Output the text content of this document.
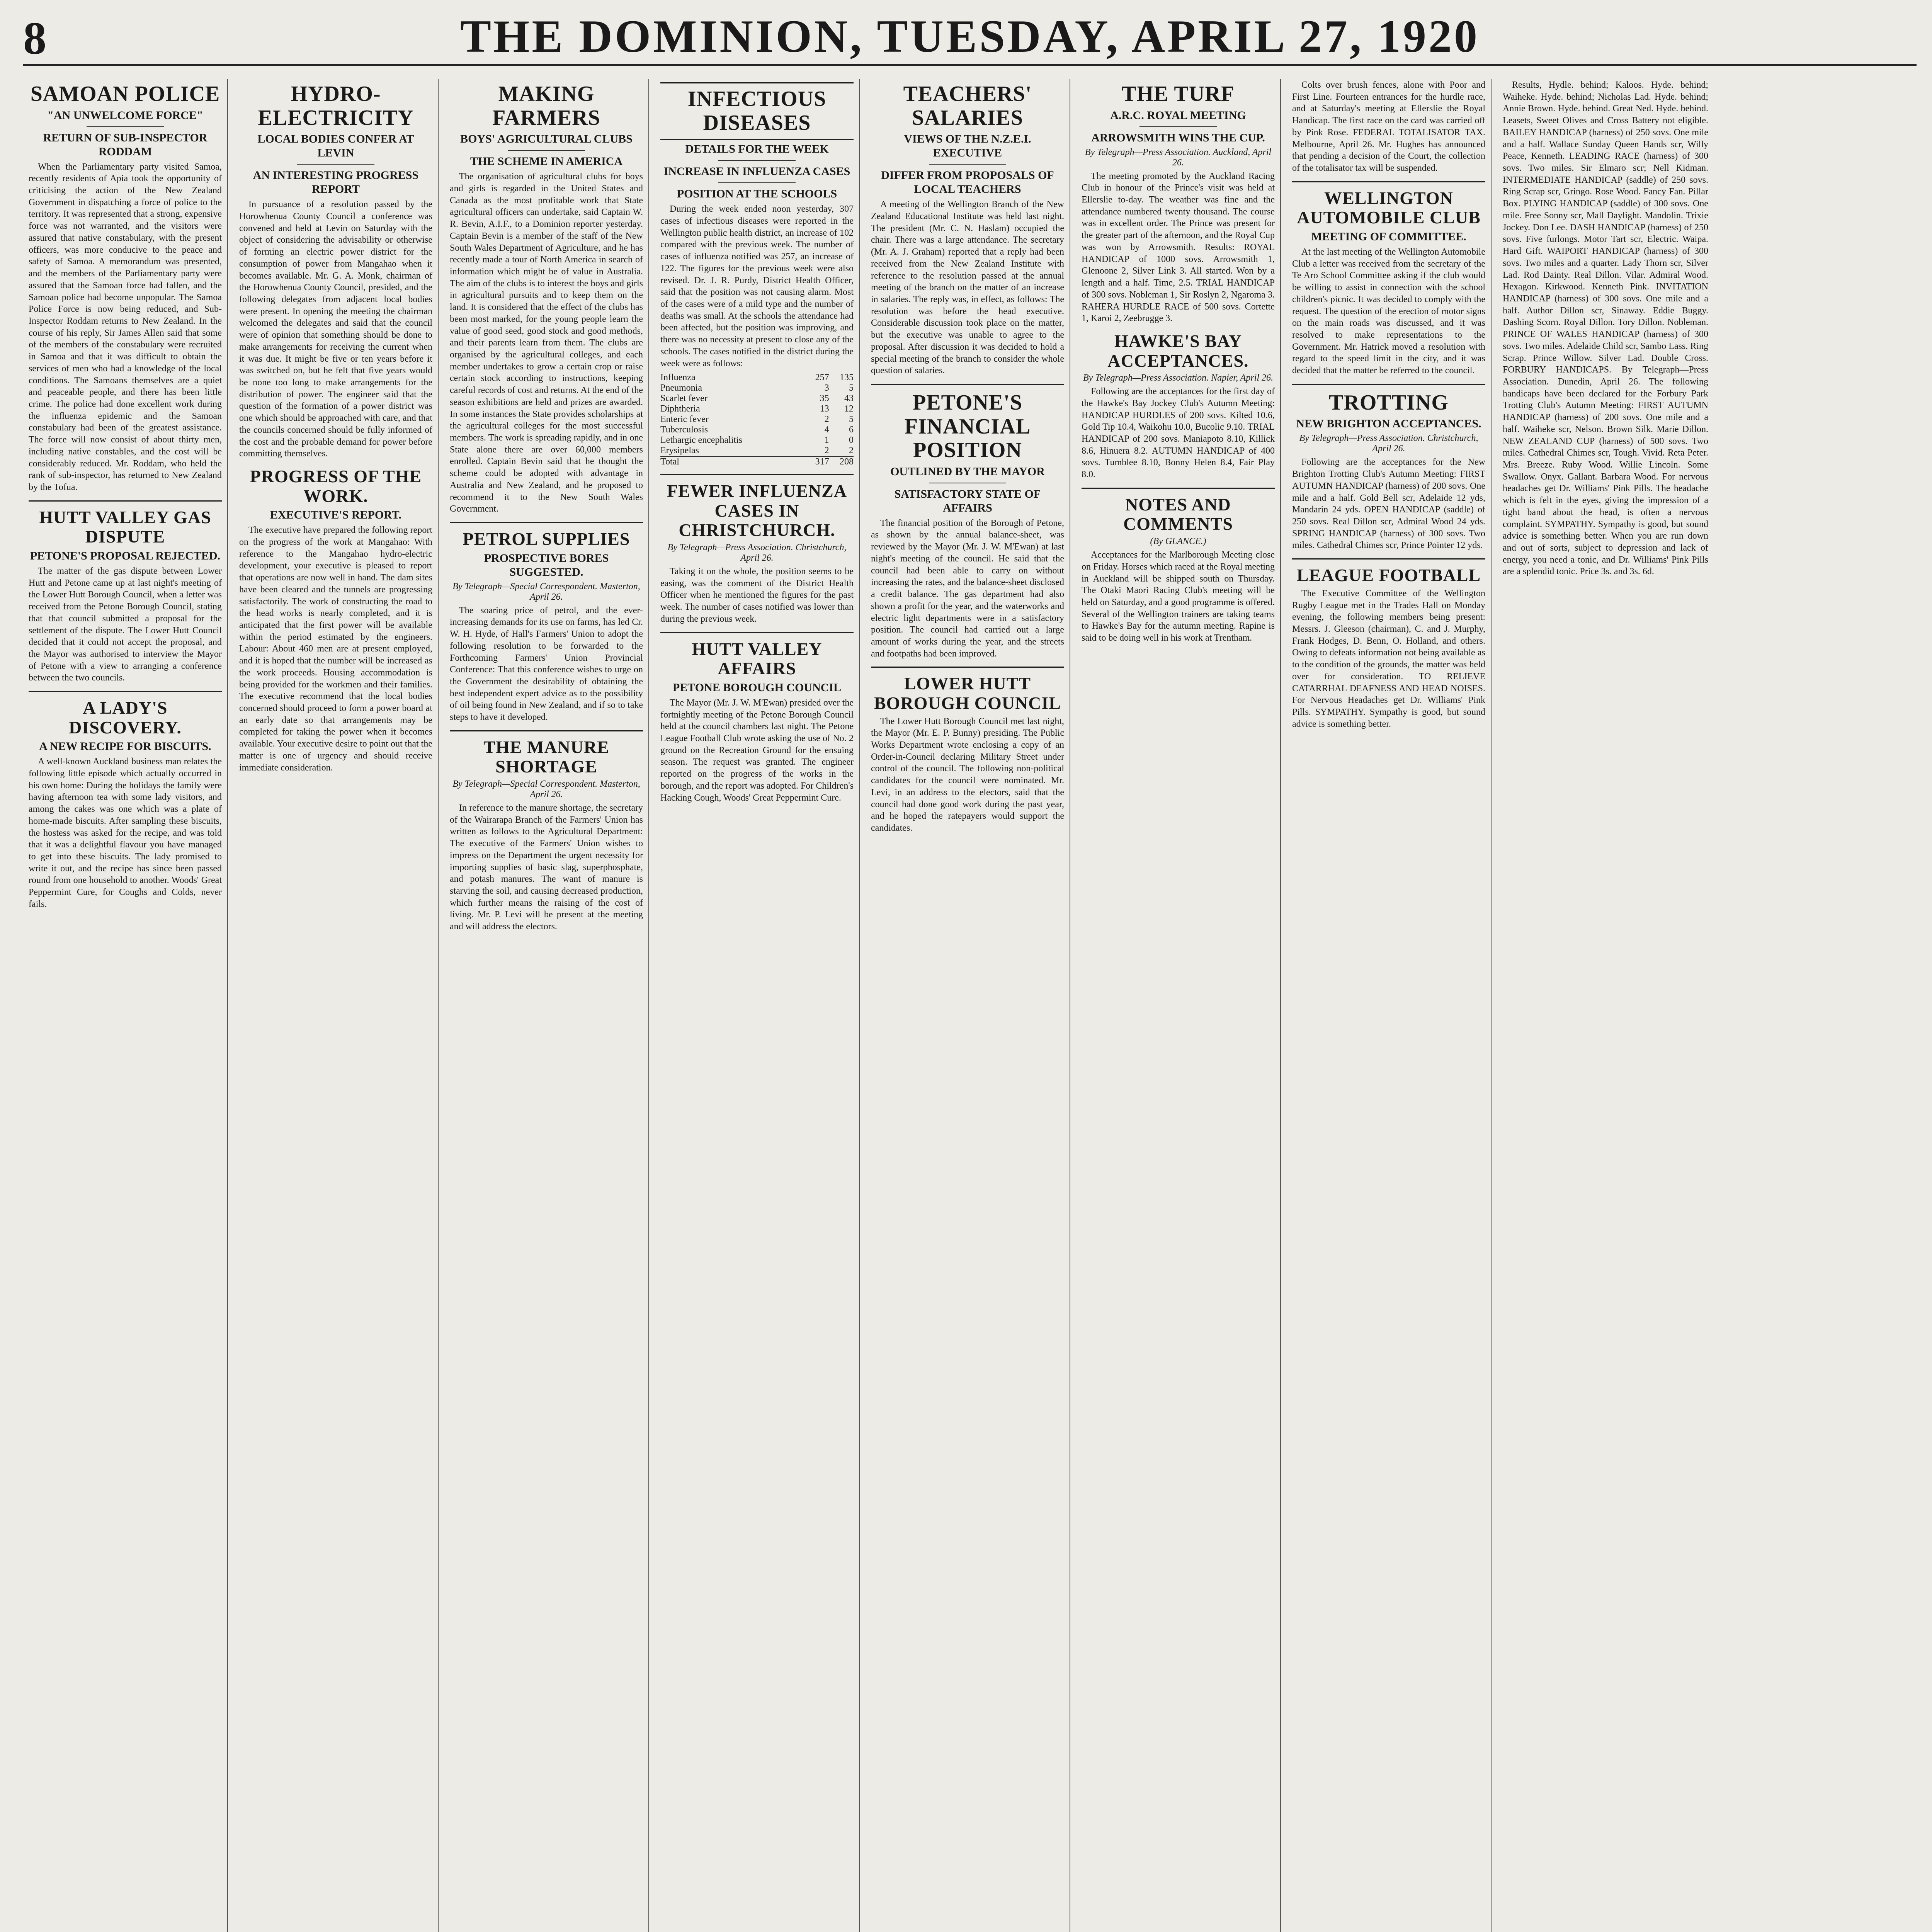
8	THE DOMINION, TUESDAY, APRIL 27, 1920
SAMOAN POLICE
"AN UNWELCOME FORCE"
RETURN OF SUB-INSPECTOR RODDAM

When the Parliamentary party visited Samoa, recently residents of Apia took the opportunity of criticising the action of the New Zealand Government in dispatching a force of police to the territory. It was represented that a strong, expensive force was not warranted, and the visitors were assured that native constabulary, with the present officers, was more conducive to the peace and safety of Samoa. A memorandum was presented, and the members of the Parliamentary party were assured that the Samoan force had fallen, and the Samoan police had become unpopular. The Samoa Police Force is now being reduced, and Sub-Inspector Roddam returns to New Zealand. In the course of his reply, Sir James Allen said that some of the members of the constabulary were recruited in Samoa and that it was difficult to obtain the services of men who had a knowledge of the local conditions. The Samoans themselves are a quiet and peaceable people, and there has been little crime. The police had done excellent work during the influenza epidemic and the Samoan constabulary had been of the greatest assistance. The force will now consist of about thirty men, including native constables, and the cost will be considerably reduced. Mr. Roddam, who held the rank of sub-inspector, has returned to New Zealand by the Tofua.

HUTT VALLEY GAS DISPUTE
PETONE'S PROPOSAL REJECTED.

The matter of the gas dispute between Lower Hutt and Petone came up at last night's meeting of the Lower Hutt Borough Council, when a letter was received from the Petone Borough Council, stating that that council submitted a proposal for the settlement of the dispute. The Lower Hutt Council decided that it could not accept the proposal, and the Mayor was authorised to interview the Mayor of Petone with a view to arranging a conference between the two councils.

A LADY'S DISCOVERY.
A NEW RECIPE FOR BISCUITS.

A well-known Auckland business man relates the following little episode which actually occurred in his own home: During the holidays the family were having afternoon tea with some lady visitors, and among the cakes was one which was a plate of home-made biscuits. After sampling these biscuits, the hostess was asked for the recipe, and was told that it was a delightful flavour you have managed to get into these biscuits. The lady promised to write it out, and the recipe has since been passed round from one household to another. Woods' Great Peppermint Cure, for Coughs and Colds, never fails.

HYDRO-ELECTRICITY
LOCAL BODIES CONFER AT LEVIN
AN INTERESTING PROGRESS REPORT

In pursuance of a resolution passed by the Horowhenua County Council a conference was convened and held at Levin on Saturday with the object of considering the advisability or otherwise of forming an electric power district for the consumption of power from Mangahao when it becomes available. Mr. G. A. Monk, chairman of the Horowhenua County Council, presided, and the following delegates from adjacent local bodies were present. In opening the meeting the chairman welcomed the delegates and said that the council were of opinion that something should be done to make arrangements for receiving the current when it was due. It might be five or ten years before it was switched on, but he felt that five years would be none too long to make arrangements for the distribution of power. The engineer said that the question of the formation of a power district was one which should be approached with care, and that the councils concerned should be fully informed of the cost and the probable demand for power before committing themselves.

PROGRESS OF THE WORK.
EXECUTIVE'S REPORT.

The executive have prepared the following report on the progress of the work at Mangahao: With reference to the Mangahao hydro-electric development, your executive is pleased to report that operations are now well in hand. The dam sites have been cleared and the tunnels are progressing satisfactorily. The work of constructing the road to the head works is nearly completed, and it is anticipated that the first power will be available within the period estimated by the engineers. Labour: About 460 men are at present employed, and it is hoped that the number will be increased as the work proceeds. Housing accommodation is being provided for the workmen and their families. The executive recommend that the local bodies concerned should proceed to form a power board at an early date so that arrangements may be completed for taking the power when it becomes available. Your executive desire to point out that the matter is one of urgency and should receive immediate consideration.

MAKING FARMERS
BOYS' AGRICULTURAL CLUBS
THE SCHEME IN AMERICA

The organisation of agricultural clubs for boys and girls is regarded in the United States and Canada as the most profitable work that State agricultural officers can undertake, said Captain W. R. Bevin, A.I.F., to a Dominion reporter yesterday. Captain Bevin is a member of the staff of the New South Wales Department of Agriculture, and he has recently made a tour of North America in search of information which might be of value in Australia. The aim of the clubs is to interest the boys and girls in agricultural pursuits and to keep them on the land. It is considered that the effect of the clubs has been most marked, for the young people learn the value of good seed, good stock and good methods, and their parents learn from them. The clubs are organised by the agricultural colleges, and each member undertakes to grow a certain crop or raise certain stock according to instructions, keeping careful records of cost and returns. At the end of the season exhibitions are held and prizes are awarded. In some instances the State provides scholarships at the agricultural colleges for the most successful members. The work is spreading rapidly, and in one State alone there are over 60,000 members enrolled. Captain Bevin said that he thought the scheme could be adopted with advantage in Australia and New Zealand, and he proposed to recommend it to the New South Wales Government.

PETROL SUPPLIES
PROSPECTIVE BORES SUGGESTED.
By Telegraph—Special Correspondent. Masterton, April 26.

The soaring price of petrol, and the ever-increasing demands for its use on farms, has led Cr. W. H. Hyde, of Hall's Farmers' Union to adopt the following resolution to be forwarded to the Forthcoming Farmers' Union Provincial Conference: That this conference wishes to urge on the Government the desirability of obtaining the best independent expert advice as to the possibility of oil being found in New Zealand, and if so to take steps to have it developed.

THE MANURE SHORTAGE
By Telegraph—Special Correspondent. Masterton, April 26.

In reference to the manure shortage, the secretary of the Wairarapa Branch of the Farmers' Union has written as follows to the Agricultural Department: The executive of the Farmers' Union wishes to impress on the Department the urgent necessity for importing supplies of basic slag, superphosphate, and potash manures. The want of manure is starving the soil, and causing decreased production, which further means the raising of the cost of living. Mr. P. Levi will be present at the meeting and will address the electors.

INFECTIOUS DISEASES
DETAILS FOR THE WEEK
INCREASE IN INFLUENZA CASES
POSITION AT THE SCHOOLS

During the week ended noon yesterday, 307 cases of infectious diseases were reported in the Wellington public health district, an increase of 102 compared with the previous week. The number of cases of influenza notified was 257, an increase of 122. The figures for the previous week were also revised. Dr. J. R. Purdy, District Health Officer, said that the position was not causing alarm. Most of the cases were of a mild type and the number of deaths was small. At the schools the attendance had been affected, but the position was improving, and there was no necessity at present to close any of the schools. The cases notified in the district during the week were as follows:

Influenza	257	135
Pneumonia	3	5
Scarlet fever	35	43
Diphtheria	13	12
Enteric fever	2	5
Tuberculosis	4	6
Lethargic encephalitis	1	0
Erysipelas	2	2
Total	317	208
FEWER INFLUENZA CASES IN CHRISTCHURCH.
By Telegraph—Press Association. Christchurch, April 26.

Taking it on the whole, the position seems to be easing, was the comment of the District Health Officer when he mentioned the figures for the past week. The number of cases notified was lower than during the previous week.

HUTT VALLEY AFFAIRS
PETONE BOROUGH COUNCIL

The Mayor (Mr. J. W. M'Ewan) presided over the fortnightly meeting of the Petone Borough Council held at the council chambers last night. The Petone League Football Club wrote asking the use of No. 2 ground on the Recreation Ground for the ensuing season. The request was granted. The engineer reported on the progress of the works in the borough, and the report was adopted. For Children's Hacking Cough, Woods' Great Peppermint Cure.

TEACHERS' SALARIES
VIEWS OF THE N.Z.E.I. EXECUTIVE
DIFFER FROM PROPOSALS OF LOCAL TEACHERS

A meeting of the Wellington Branch of the New Zealand Educational Institute was held last night. The president (Mr. C. N. Haslam) occupied the chair. There was a large attendance. The secretary (Mr. A. J. Graham) reported that a reply had been received from the New Zealand Institute with reference to the resolution passed at the annual meeting of the branch on the matter of an increase in salaries. The reply was, in effect, as follows: The resolution was before the head executive. Considerable discussion took place on the matter, but the executive was unable to agree to the proposal. After discussion it was decided to hold a special meeting of the branch to consider the whole question of salaries.

PETONE'S FINANCIAL POSITION
OUTLINED BY THE MAYOR
SATISFACTORY STATE OF AFFAIRS

The financial position of the Borough of Petone, as shown by the annual balance-sheet, was reviewed by the Mayor (Mr. J. W. M'Ewan) at last night's meeting of the council. He said that the council had been able to carry on without increasing the rates, and the balance-sheet disclosed a credit balance. The gas department had also shown a profit for the year, and the waterworks and electric light departments were in a satisfactory position. The council had carried out a large amount of works during the year, and the streets and footpaths had been improved.

LOWER HUTT BOROUGH COUNCIL

The Lower Hutt Borough Council met last night, the Mayor (Mr. E. P. Bunny) presiding. The Public Works Department wrote enclosing a copy of an Order-in-Council declaring Military Street under control of the council. The following non-political candidates for the council were nominated. Mr. Levi, in an address to the electors, said that the council had done good work during the past year, and he hoped the ratepayers would support the candidates.

THE TURF
A.R.C. ROYAL MEETING
ARROWSMITH WINS THE CUP.
By Telegraph—Press Association. Auckland, April 26.

The meeting promoted by the Auckland Racing Club in honour of the Prince's visit was held at Ellerslie to-day. The weather was fine and the attendance numbered twenty thousand. The course was in excellent order. The Prince was present for the greater part of the afternoon, and the Royal Cup was won by Arrowsmith. Results: ROYAL HANDICAP of 1000 sovs. Arrowsmith 1, Glenoone 2, Silver Link 3. All started. Won by a length and a half. Time, 2.5. TRIAL HANDICAP of 300 sovs. Nobleman 1, Sir Roslyn 2, Ngaroma 3. RAHERA HURDLE RACE of 500 sovs. Cortette 1, Karoi 2, Zeebrugge 3.

HAWKE'S BAY ACCEPTANCES.
By Telegraph—Press Association. Napier, April 26.

Following are the acceptances for the first day of the Hawke's Bay Jockey Club's Autumn Meeting: HANDICAP HURDLES of 200 sovs. Kilted 10.6, Gold Tip 10.4, Waikohu 10.0, Bucolic 9.10. TRIAL HANDICAP of 200 sovs. Maniapoto 8.10, Killick 8.6, Hinuera 8.2. AUTUMN HANDICAP of 400 sovs. Tumblee 8.10, Bonny Helen 8.4, Fair Play 8.0.

NOTES AND COMMENTS
(By GLANCE.)

Acceptances for the Marlborough Meeting close on Friday. Horses which raced at the Royal meeting in Auckland will be shipped south on Thursday. The Otaki Maori Racing Club's meeting will be held on Saturday, and a good programme is offered. Several of the Wellington trainers are taking teams to Hawke's Bay for the autumn meeting. Rapine is said to be doing well in his work at Trentham.

Colts over brush fences, alone with Poor and First Line. Fourteen entrances for the hurdle race, and at Saturday's meeting at Ellerslie the Royal Handicap. The first race on the card was carried off by Pink Rose. FEDERAL TOTALISATOR TAX. Melbourne, April 26. Mr. Hughes has announced that pending a decision of the Court, the collection of the totalisator tax will be suspended.

WELLINGTON AUTOMOBILE CLUB
MEETING OF COMMITTEE.

At the last meeting of the Wellington Automobile Club a letter was received from the secretary of the Te Aro School Committee asking if the club would be willing to assist in connection with the school children's picnic. It was decided to comply with the request. The question of the erection of motor signs on the main roads was discussed, and it was resolved to make representations to the Government. Mr. Hatrick moved a resolution with regard to the speed limit in the city, and it was decided that the matter be referred to the council.

TROTTING
NEW BRIGHTON ACCEPTANCES.
By Telegraph—Press Association. Christchurch, April 26.

Following are the acceptances for the New Brighton Trotting Club's Autumn Meeting: FIRST AUTUMN HANDICAP (harness) of 200 sovs. One mile and a half. Gold Bell scr, Adelaide 12 yds, Mandarin 24 yds. OPEN HANDICAP (saddle) of 250 sovs. Real Dillon scr, Admiral Wood 24 yds. SPRING HANDICAP (harness) of 300 sovs. Two miles. Cathedral Chimes scr, Prince Pointer 12 yds.

LEAGUE FOOTBALL

The Executive Committee of the Wellington Rugby League met in the Trades Hall on Monday evening, the following members being present: Messrs. J. Gleeson (chairman), C. and J. Murphy, Frank Hodges, D. Benn, O. Holland, and others. Owing to defeats information not being available as to the condition of the grounds, the matter was held over for consideration. TO RELIEVE CATARRHAL DEAFNESS AND HEAD NOISES. For Nervous Headaches get Dr. Williams' Pink Pills. SYMPATHY. Sympathy is good, but sound advice is something better.

Results, Hydle. behind; Kaloos. Hyde. behind; Waiheke. Hyde. behind; Nicholas Lad. Hyde. behind; Annie Brown. Hyde. behind. Great Ned. Hyde. behind. Leasets, Sweet Olives and Cross Battery not eligible. BAILEY HANDICAP (harness) of 250 sovs. One mile and a half. Wallace Sunday Queen Hands scr, Willy Peace, Kenneth. LEADING RACE (harness) of 300 sovs. Two miles. Sir Elmaro scr; Nell Kidman. INTERMEDIATE HANDICAP (saddle) of 250 sovs. Ring Scrap scr, Gringo. Rose Wood. Fancy Fan. Pillar Box. PLYING HANDICAP (saddle) of 300 sovs. One mile. Free Sonny scr, Mall Daylight. Mandolin. Trixie Jockey. Don Lee. DASH HANDICAP (harness) of 250 sovs. Five furlongs. Motor Tart scr, Electric. Waipa. Hard Gift. WAIPORT HANDICAP (harness) of 300 sovs. Two miles and a quarter. Lady Thorn scr, Silver Lad. Rod Dainty. Real Dillon. Vilar. Admiral Wood. Hexagon. Kirkwood. Kenneth Pink. INVITATION HANDICAP (harness) of 300 sovs. One mile and a half. Author Dillon scr, Sinaway. Eddie Buggy. Dashing Scorn. Royal Dillon. Tory Dillon. Nobleman. PRINCE OF WALES HANDICAP (harness) of 300 sovs. Two miles. Adelaide Child scr, Sambo Lass. Ring Scrap. Prince Willow. Silver Lad. Double Cross. FORBURY HANDICAPS. By Telegraph—Press Association. Dunedin, April 26. The following handicaps have been declared for the Forbury Park Trotting Club's Autumn Meeting: FIRST AUTUMN HANDICAP (harness) of 200 sovs. One mile and a half. Waiheke scr, Nelson. Brown Silk. Marie Dillon. NEW ZEALAND CUP (harness) of 500 sovs. Two miles. Cathedral Chimes scr, Tough. Vivid. Reta Peter. Mrs. Breeze. Ruby Wood. Willie Lincoln. Some Swallow. Onyx. Gallant. Barbara Wood. For nervous headaches get Dr. Williams' Pink Pills. The headache which is felt in the eyes, giving the impression of a tight band about the head, is often a nervous complaint. SYMPATHY. Sympathy is good, but sound advice is something better. When you are run down and out of sorts, subject to depression and lack of energy, you need a tonic, and Dr. Williams' Pink Pills are a splendid tonic. Price 3s. and 3s. 6d.
